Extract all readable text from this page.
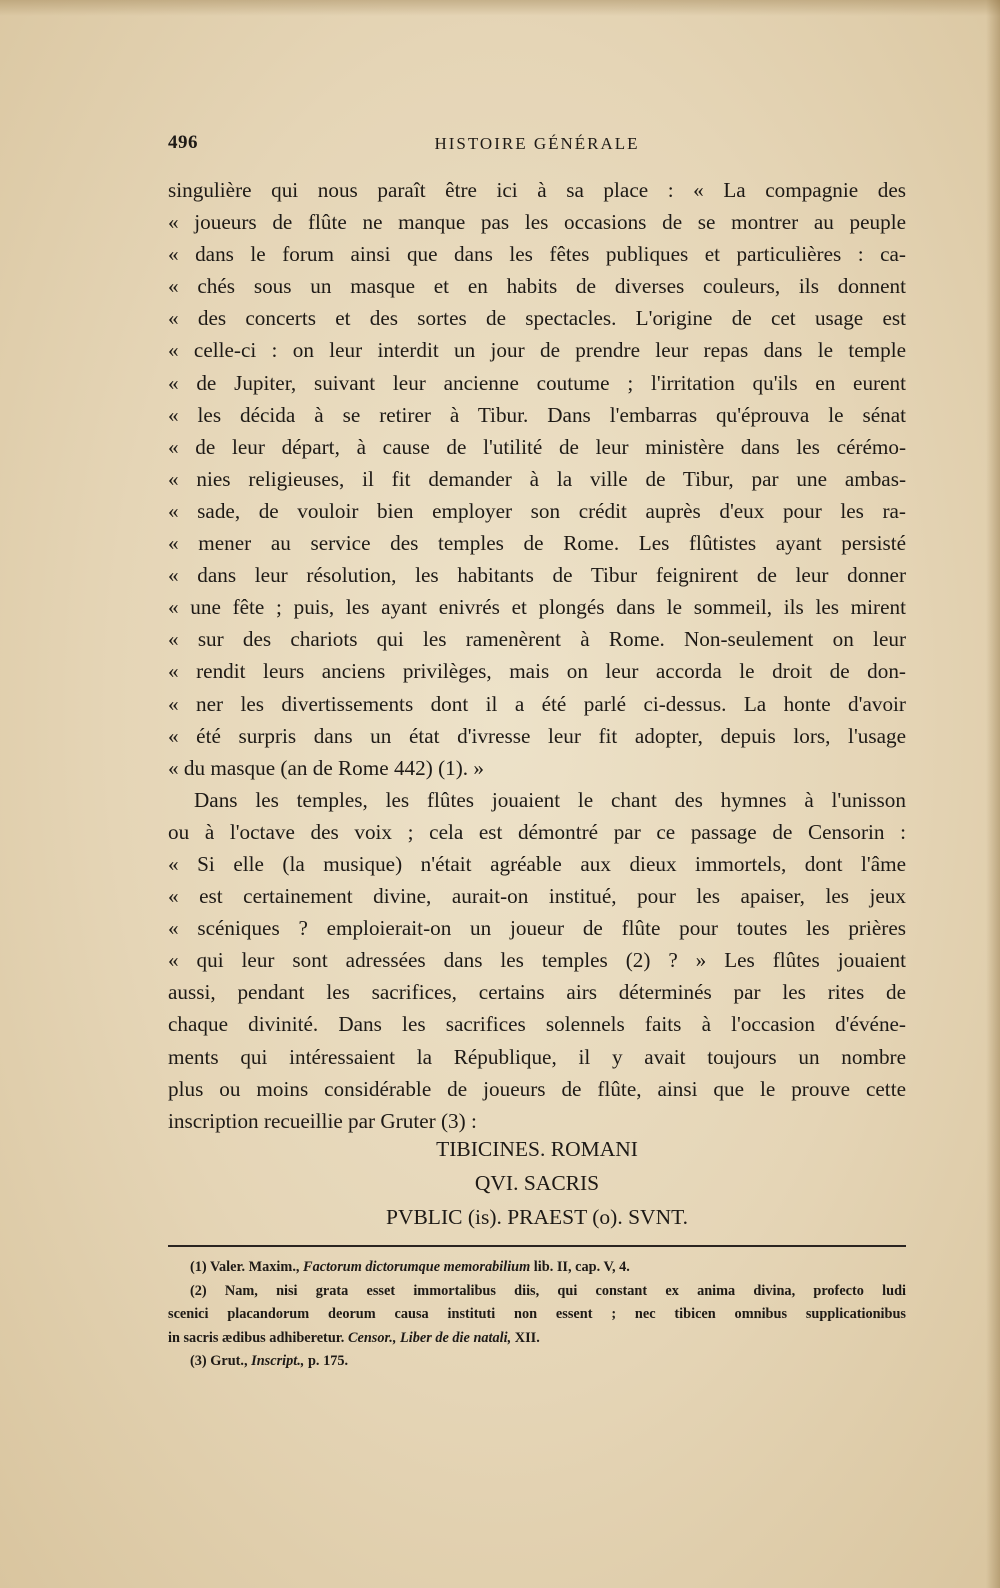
496	HISTOIRE GÉNÉRALE
singulière qui nous paraît être ici à sa place : « La compagnie des
« joueurs de flûte ne manque pas les occasions de se montrer au peuple
« dans le forum ainsi que dans les fêtes publiques et particulières : ca-
« chés sous un masque et en habits de diverses couleurs, ils donnent
« des concerts et des sortes de spectacles. L'origine de cet usage est
« celle-ci : on leur interdit un jour de prendre leur repas dans le temple
« de Jupiter, suivant leur ancienne coutume ; l'irritation qu'ils en eurent
« les décida à se retirer à Tibur. Dans l'embarras qu'éprouva le sénat
« de leur départ, à cause de l'utilité de leur ministère dans les cérémo-
« nies religieuses, il fit demander à la ville de Tibur, par une ambas-
« sade, de vouloir bien employer son crédit auprès d'eux pour les ra-
« mener au service des temples de Rome. Les flûtistes ayant persisté
« dans leur résolution, les habitants de Tibur feignirent de leur donner
« une fête ; puis, les ayant enivrés et plongés dans le sommeil, ils les mirent
« sur des chariots qui les ramenèrent à Rome. Non-seulement on leur
« rendit leurs anciens privilèges, mais on leur accorda le droit de don-
« ner les divertissements dont il a été parlé ci-dessus. La honte d'avoir
« été surpris dans un état d'ivresse leur fit adopter, depuis lors, l'usage
« du masque (an de Rome 442) (1). »
Dans les temples, les flûtes jouaient le chant des hymnes à l'unisson
ou à l'octave des voix ; cela est démontré par ce passage de Censorin :
« Si elle (la musique) n'était agréable aux dieux immortels, dont l'âme
« est certainement divine, aurait-on institué, pour les apaiser, les jeux
« scéniques ? emploierait-on un joueur de flûte pour toutes les prières
« qui leur sont adressées dans les temples (2) ? » Les flûtes jouaient
aussi, pendant les sacrifices, certains airs déterminés par les rites de
chaque divinité. Dans les sacrifices solennels faits à l'occasion d'événe-
ments qui intéressaient la République, il y avait toujours un nombre
plus ou moins considérable de joueurs de flûte, ainsi que le prouve cette
inscription recueillie par Gruter (3) :
TIBICINES. ROMANI
QVI. SACRIS
PVBLIC (is). PRAEST (o). SVNT.
(1) Valer. Maxim., Factorum dictorumque memorabilium lib. II, cap. V, 4.
(2) Nam, nisi grata esset immortalibus diis, qui constant ex anima divina, profecto ludi
scenici placandorum deorum causa instituti non essent ; nec tibicen omnibus supplicationibus
in sacris ædibus adhiberetur. Censor., Liber de die natali, XII.
(3) Grut., Inscript., p. 175.
